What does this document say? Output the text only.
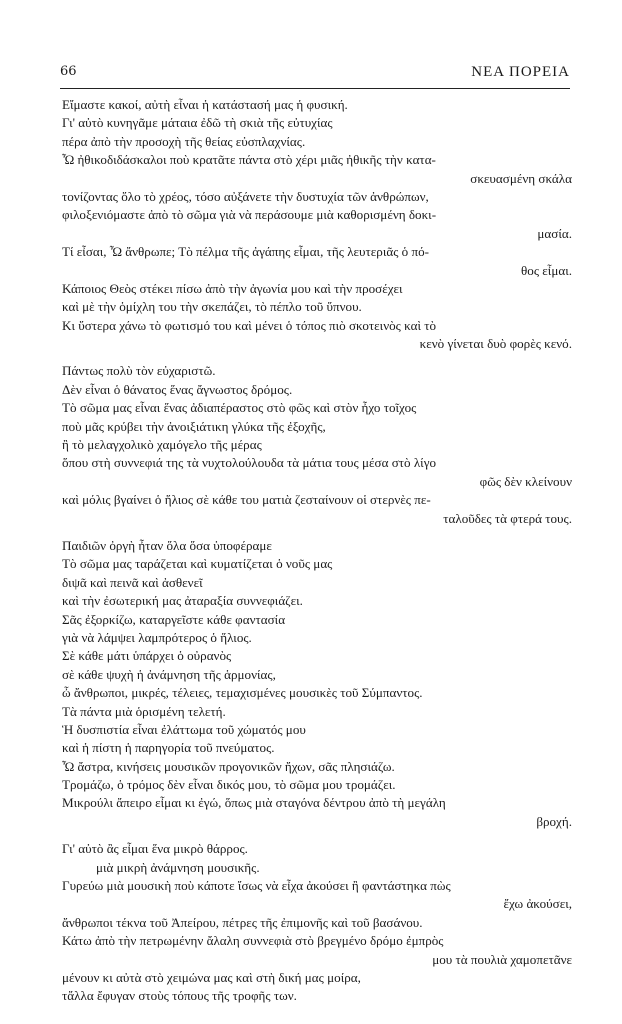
66	ΝΕΑ ΠΟΡΕΙΑ
Εἴμαστε κακοί, αὐτὴ εἶναι ἡ κατάστασή μας ἡ φυσική.
Γι' αὐτὸ κυνηγᾶμε μάταια ἐδῶ τὴ σκιὰ τῆς εὐτυχίας
πέρα ἀπὸ τὴν προσοχὴ τῆς θείας εὐσπλαχνίας.
Ὦ ἠθικοδιδάσκαλοι ποὺ κρατᾶτε πάντα στὸ χέρι μιᾶς ἠθικῆς τὴν κατα-
σκευασμένη σκάλα
τονίζοντας ὅλο τὸ χρέος, τόσο αὐξάνετε τὴν δυστυχία τῶν ἀνθρώπων,
φιλοξενιόμαστε ἀπὸ τὸ σῶμα γιὰ νὰ περάσουμε μιὰ καθορισμένη δοκι-
μασία.
Τί εἶσαι, Ὦ ἄνθρωπε; Τὸ πέλμα τῆς ἀγάπης εἶμαι, τῆς λευτεριᾶς ὁ πό-
θος εἶμαι.
Κάποιος Θεὸς στέκει πίσω ἀπὸ τὴν ἀγωνία μου καὶ τὴν προσέχει
καὶ μὲ τὴν ὁμίχλη του τὴν σκεπάζει, τὸ πέπλο τοῦ ὕπνου.
Κι ὕστερα χάνω τὸ φωτισμό του καὶ μένει ὁ τόπος πιὸ σκοτεινὸς καὶ τὸ
κενὸ γίνεται δυὸ φορὲς κενό.
Πάντως πολὺ τὸν εὐχαριστῶ.
Δὲν εἶναι ὁ θάνατος ἕνας ἄγνωστος δρόμος.
Τὸ σῶμα μας εἶναι ἕνας ἀδιαπέραστος στὸ φῶς καὶ στὸν ἦχο τοῖχος
ποὺ μᾶς κρύβει τὴν ἀνοιξιάτικη γλύκα τῆς ἐξοχῆς,
ἢ τὸ μελαγχολικὸ χαμόγελο τῆς μέρας
ὅπου στὴ συννεφιά της τὰ νυχτολούλουδα τὰ μάτια τους μέσα στὸ λίγο
φῶς δὲν κλείνουν
καὶ μόλις βγαίνει ὁ ἥλιος σὲ κάθε του ματιὰ ζεσταίνουν οἱ στερνὲς πε-
ταλοῦδες τὰ φτερά τους.
Παιδιῶν ὀργὴ ἦταν ὅλα ὅσα ὑποφέραμε
Τὸ σῶμα μας ταράζεται καὶ κυματίζεται ὁ νοῦς μας
διψᾶ καὶ πεινᾶ καὶ ἀσθενεῖ
καὶ τὴν ἐσωτερική μας ἀταραξία συννεφιάζει.
Σᾶς ἐξορκίζω, καταργεῖστε κάθε φαντασία
γιὰ νὰ λάμψει λαμπρότερος ὁ ἥλιος.
Σὲ κάθε μάτι ὑπάρχει ὁ οὐρανὸς
σὲ κάθε ψυχὴ ἡ ἀνάμνηση τῆς ἁρμονίας,
ὦ ἄνθρωποι, μικρές, τέλειες, τεμαχισμένες μουσικὲς τοῦ Σύμπαντος.
Τὰ πάντα μιὰ ὁρισμένη τελετή.
Ἡ δυσπιστία εἶναι ἐλάττωμα τοῦ χώματός μου
καὶ ἡ πίστη ἡ παρηγορία τοῦ πνεύματος.
Ὦ ἄστρα, κινήσεις μουσικῶν προγονικῶν ἤχων, σᾶς πλησιάζω.
Τρομάζω, ὁ τρόμος δὲν εἶναι δικός μου, τὸ σῶμα μου τρομάζει.
Μικρούλι ἄπειρο εἶμαι κι ἐγώ, ὅπως μιὰ σταγόνα δέντρου ἀπὸ τὴ μεγάλη
βροχή.
Γι' αὐτὸ ἂς εἶμαι ἕνα μικρὸ θάρρος.
μιὰ μικρὴ ἀνάμνηση μουσικῆς.
Γυρεύω μιὰ μουσικὴ ποὺ κάποτε ἴσως νὰ εἶχα ἀκούσει ἢ φαντάστηκα πὼς
ἔχω ἀκούσει,
ἄνθρωποι τέκνα τοῦ Ἀπείρου, πέτρες τῆς ἐπιμονῆς καὶ τοῦ βασάνου.
Κάτω ἀπὸ τὴν πετρωμένην ἄλαλη συννεφιὰ στὸ βρεγμένο δρόμο ἐμπρὸς
μου τὰ πουλιὰ χαμοπετᾶνε
μένουν κι αὐτὰ στὸ χειμώνα μας καὶ στὴ δική μας μοίρα,
τἄλλα ἔφυγαν στοὺς τόπους τῆς τροφῆς των.
